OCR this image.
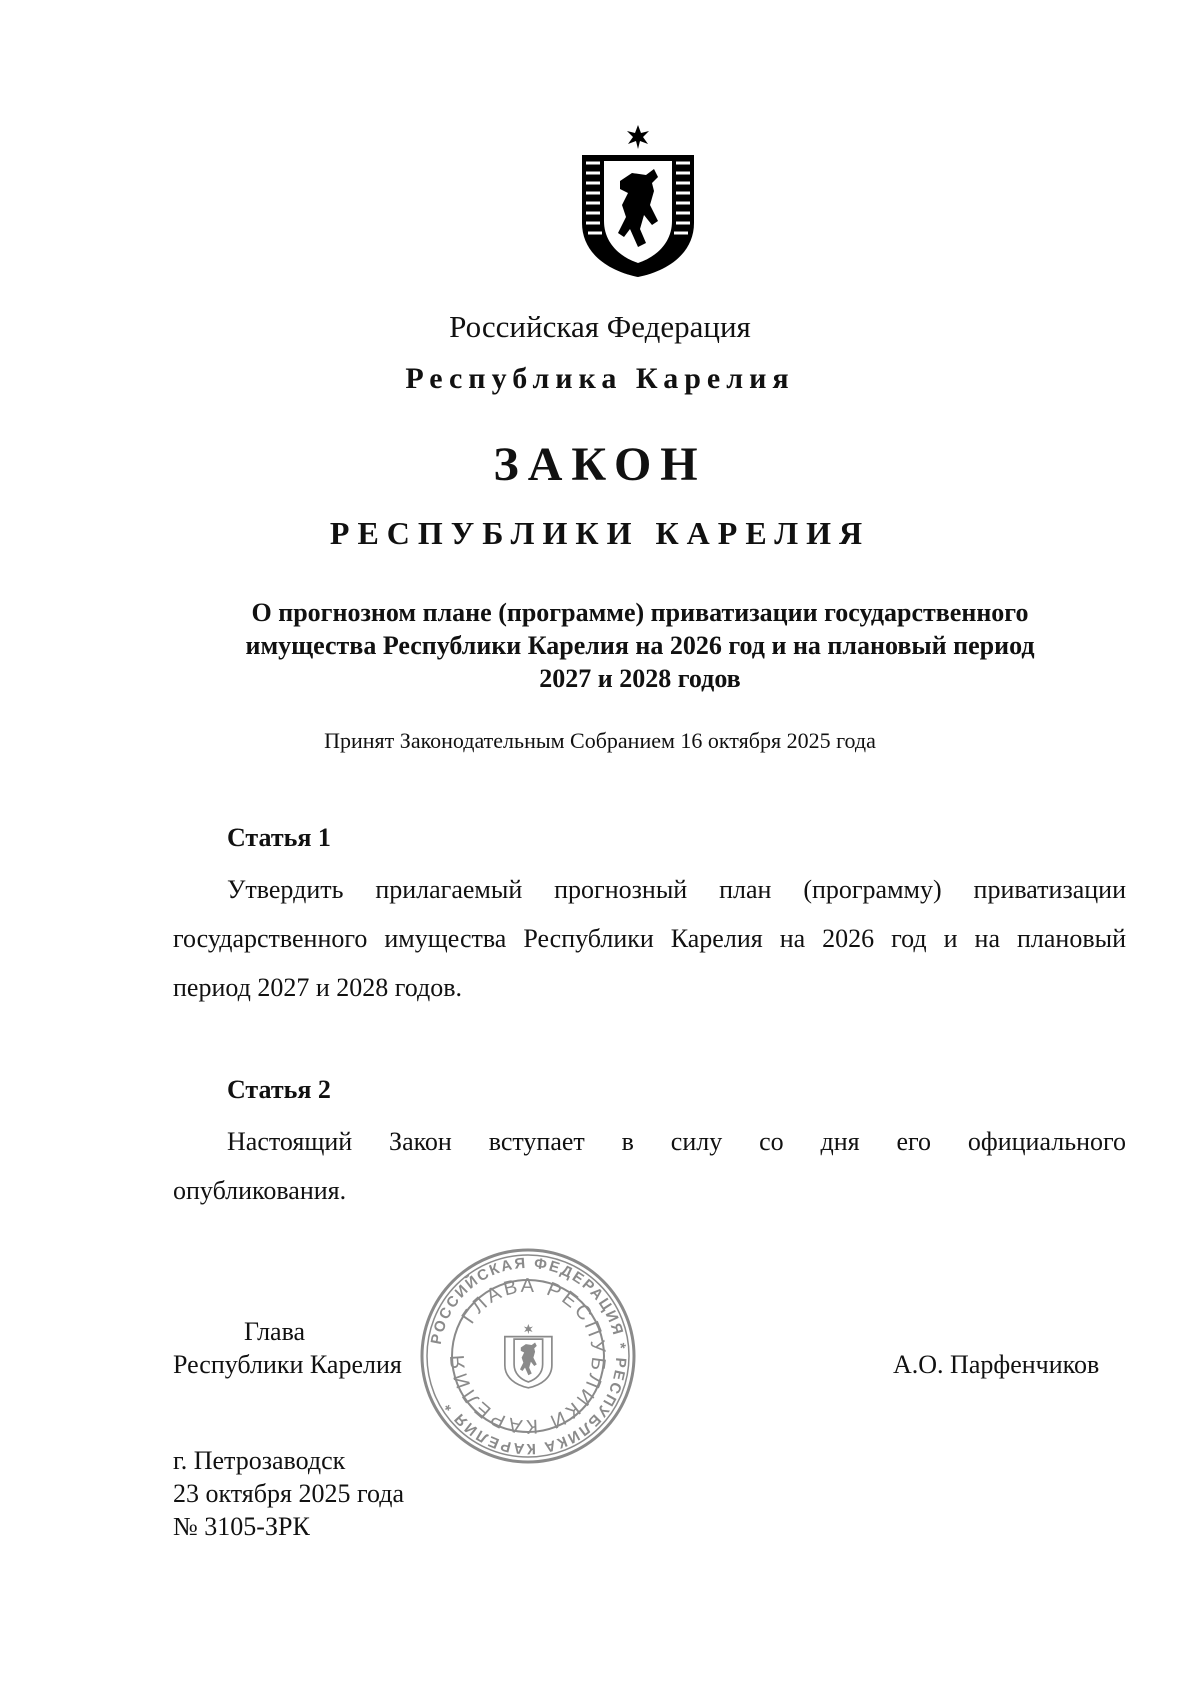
Российская Федерация
Республика Карелия
ЗАКОН
РЕСПУБЛИКИ КАРЕЛИЯ
О прогнозном плане (программе) приватизации государственного
имущества Республики Карелия на 2026 год и на плановый период
2027 и 2028 годов
Принят Законодательным Собранием 16 октября 2025 года
Статья 1
Утвердить прилагаемый прогнозный план (программу) приватизации
государственного имущества Республики Карелия на 2026 год и на плановый
период 2027 и 2028 годов.
Статья 2
Настоящий Закон вступает в силу со дня его официального
опубликования.
Глава
Республики Карелия	А.О. Парфенчиков
РОССИЙСКАЯ ФЕДЕРАЦИЯ * РЕСПУБЛИКА КАРЕЛИЯ *
ГЛАВА РЕСПУБЛИКИ КАРЕЛИЯ
г. Петрозаводск
23 октября 2025 года
№ 3105-ЗРК
